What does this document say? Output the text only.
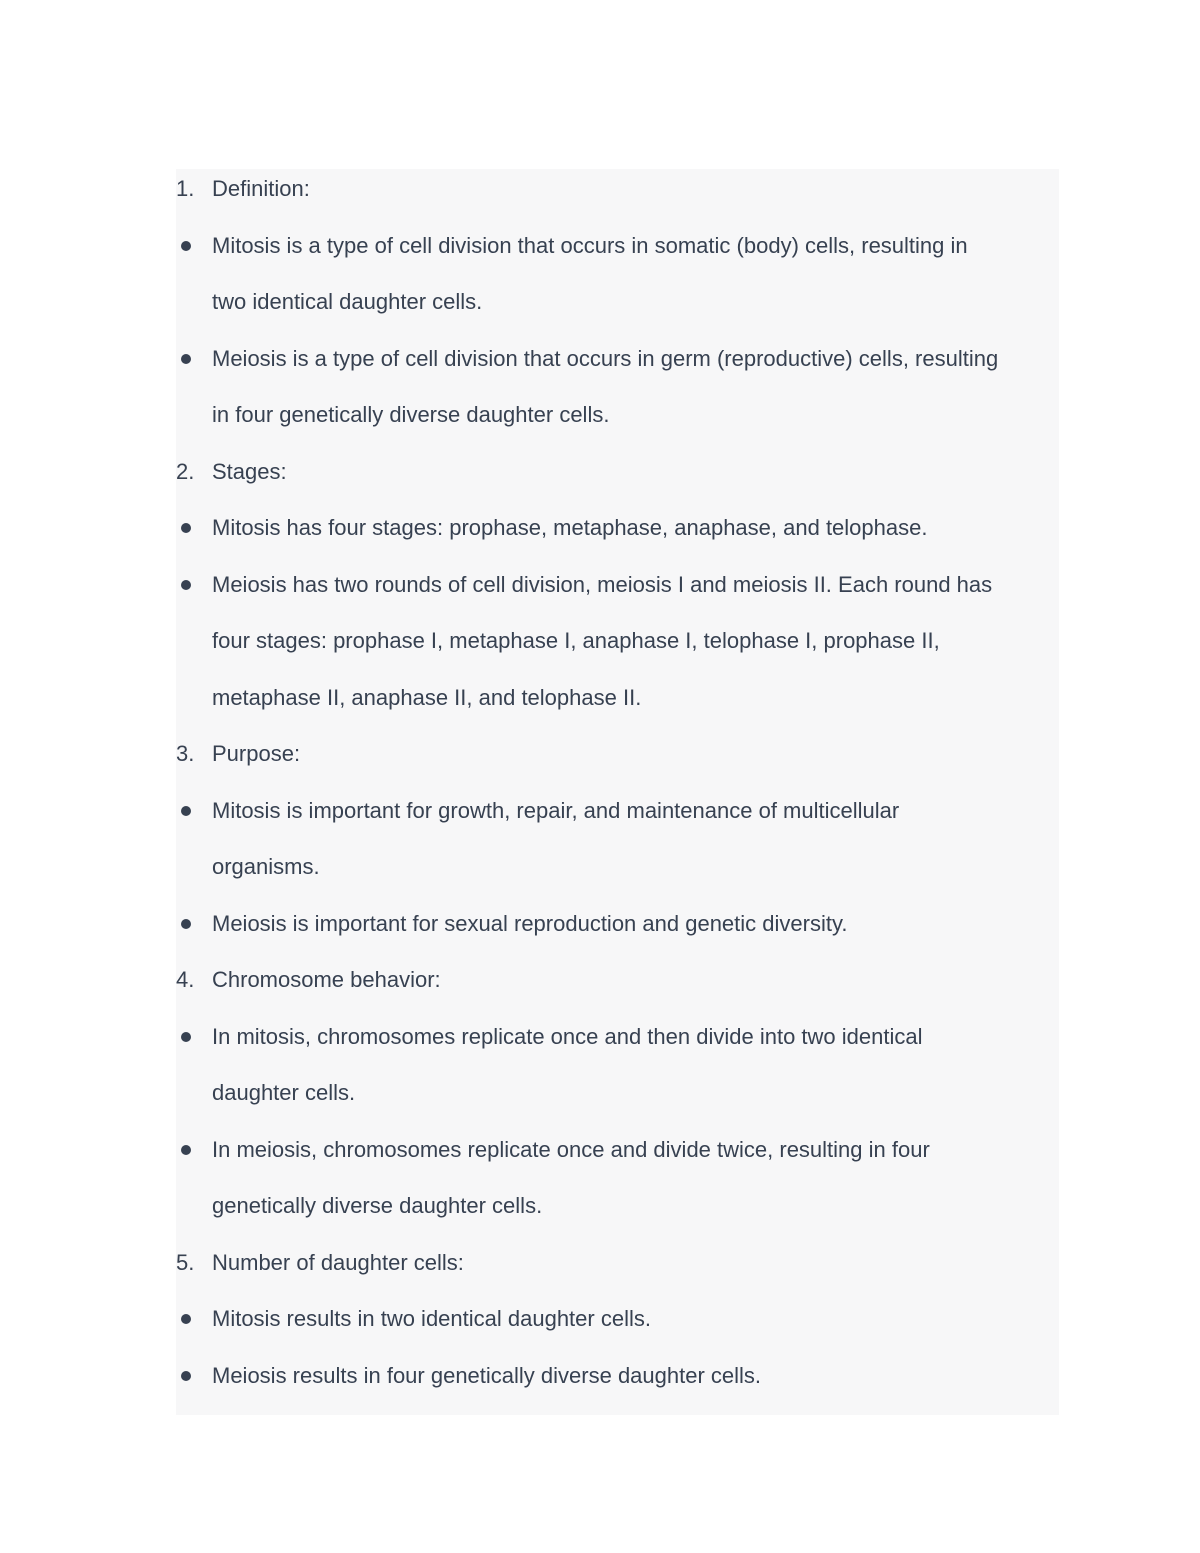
1. Definition:
Mitosis is a type of cell division that occurs in somatic (body) cells, resulting in
two identical daughter cells.
Meiosis is a type of cell division that occurs in germ (reproductive) cells, resulting
in four genetically diverse daughter cells.
2. Stages:
Mitosis has four stages: prophase, metaphase, anaphase, and telophase.
Meiosis has two rounds of cell division, meiosis I and meiosis II. Each round has
four stages: prophase I, metaphase I, anaphase I, telophase I, prophase II,
metaphase II, anaphase II, and telophase II.
3. Purpose:
Mitosis is important for growth, repair, and maintenance of multicellular
organisms.
Meiosis is important for sexual reproduction and genetic diversity.
4. Chromosome behavior:
In mitosis, chromosomes replicate once and then divide into two identical
daughter cells.
In meiosis, chromosomes replicate once and divide twice, resulting in four
genetically diverse daughter cells.
5. Number of daughter cells:
Mitosis results in two identical daughter cells.
Meiosis results in four genetically diverse daughter cells.
